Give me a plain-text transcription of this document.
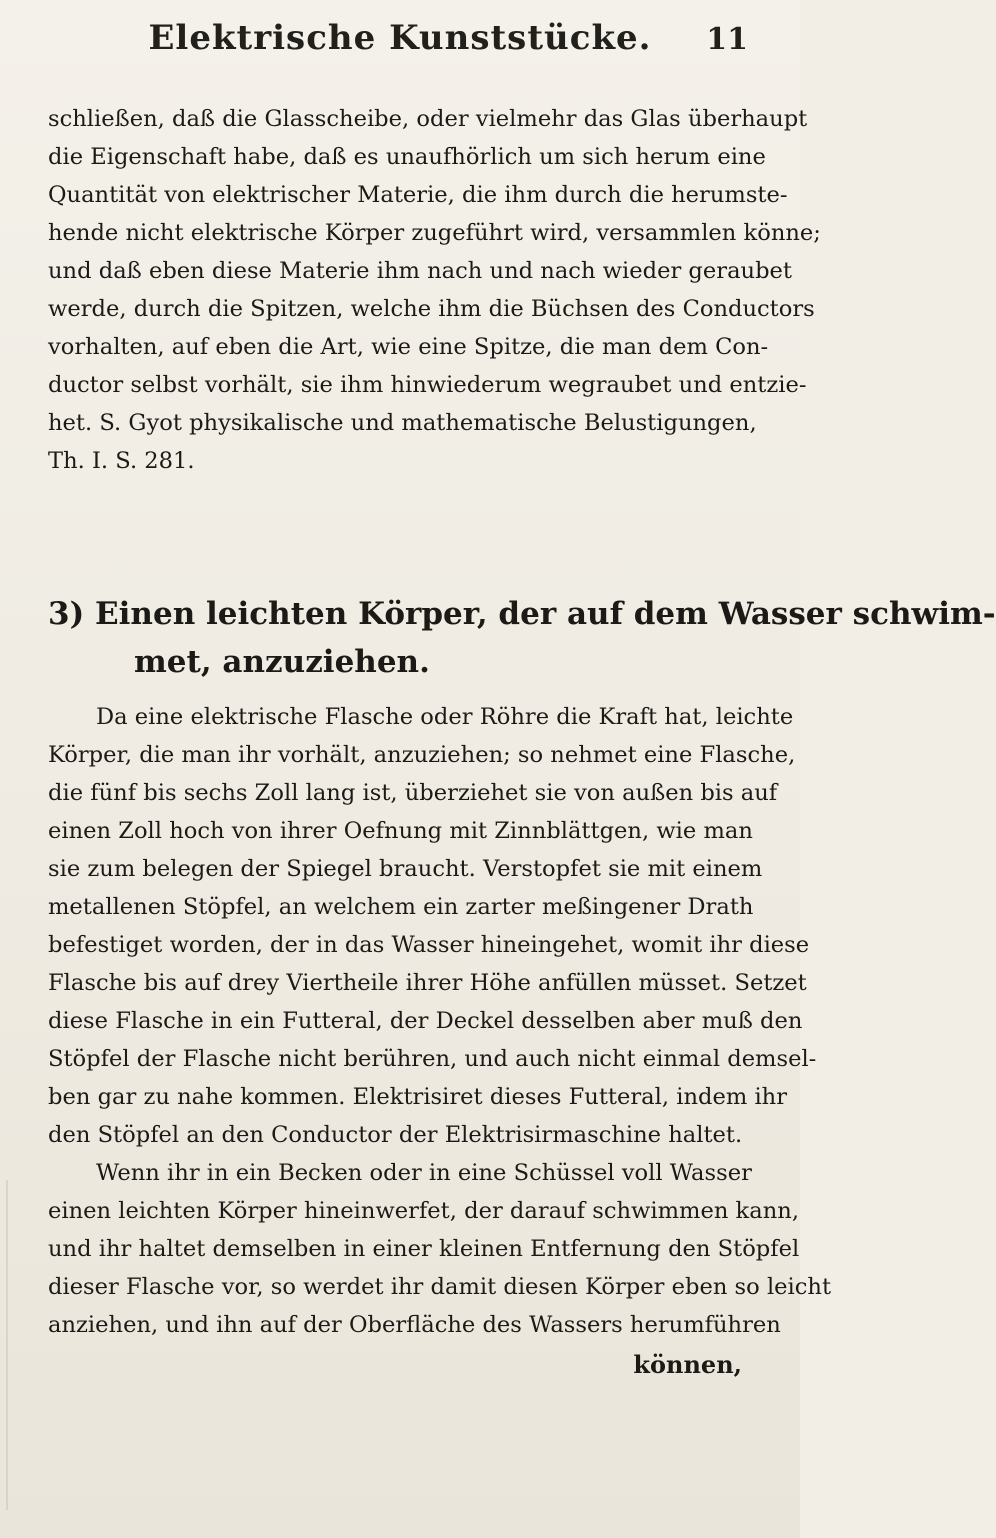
Elektrische Kunststücke.	11
schließen, daß die Glasscheibe, oder vielmehr das Glas überhaupt
die Eigenschaft habe, daß es unaufhörlich um sich herum eine
Quantität von elektrischer Materie, die ihm durch die herumste-
hende nicht elektrische Körper zugeführt wird, versammlen könne;
und daß eben diese Materie ihm nach und nach wieder geraubet
werde, durch die Spitzen, welche ihm die Büchsen des Conductors
vorhalten, auf eben die Art, wie eine Spitze, die man dem Con-
ductor selbst vorhält, sie ihm hinwiederum wegraubet und entzie-
het. S. Gyot physikalische und mathematische Belustigungen,
Th. I. S. 281.
3) Einen leichten Körper, der auf dem Wasser schwim-
met, anzuziehen.
Da eine elektrische Flasche oder Röhre die Kraft hat, leichte
Körper, die man ihr vorhält, anzuziehen; so nehmet eine Flasche,
die fünf bis sechs Zoll lang ist, überziehet sie von außen bis auf
einen Zoll hoch von ihrer Oefnung mit Zinnblättgen, wie man
sie zum belegen der Spiegel braucht. Verstopfet sie mit einem
metallenen Stöpfel, an welchem ein zarter meßingener Drath
befestiget worden, der in das Wasser hineingehet, womit ihr diese
Flasche bis auf drey Viertheile ihrer Höhe anfüllen müsset. Setzet
diese Flasche in ein Futteral, der Deckel desselben aber muß den
Stöpfel der Flasche nicht berühren, und auch nicht einmal demsel-
ben gar zu nahe kommen. Elektrisiret dieses Futteral, indem ihr
den Stöpfel an den Conductor der Elektrisirmaschine haltet.
Wenn ihr in ein Becken oder in eine Schüssel voll Wasser
einen leichten Körper hineinwerfet, der darauf schwimmen kann,
und ihr haltet demselben in einer kleinen Entfernung den Stöpfel
dieser Flasche vor, so werdet ihr damit diesen Körper eben so leicht
anziehen, und ihn auf der Oberfläche des Wassers herumführen
können,
